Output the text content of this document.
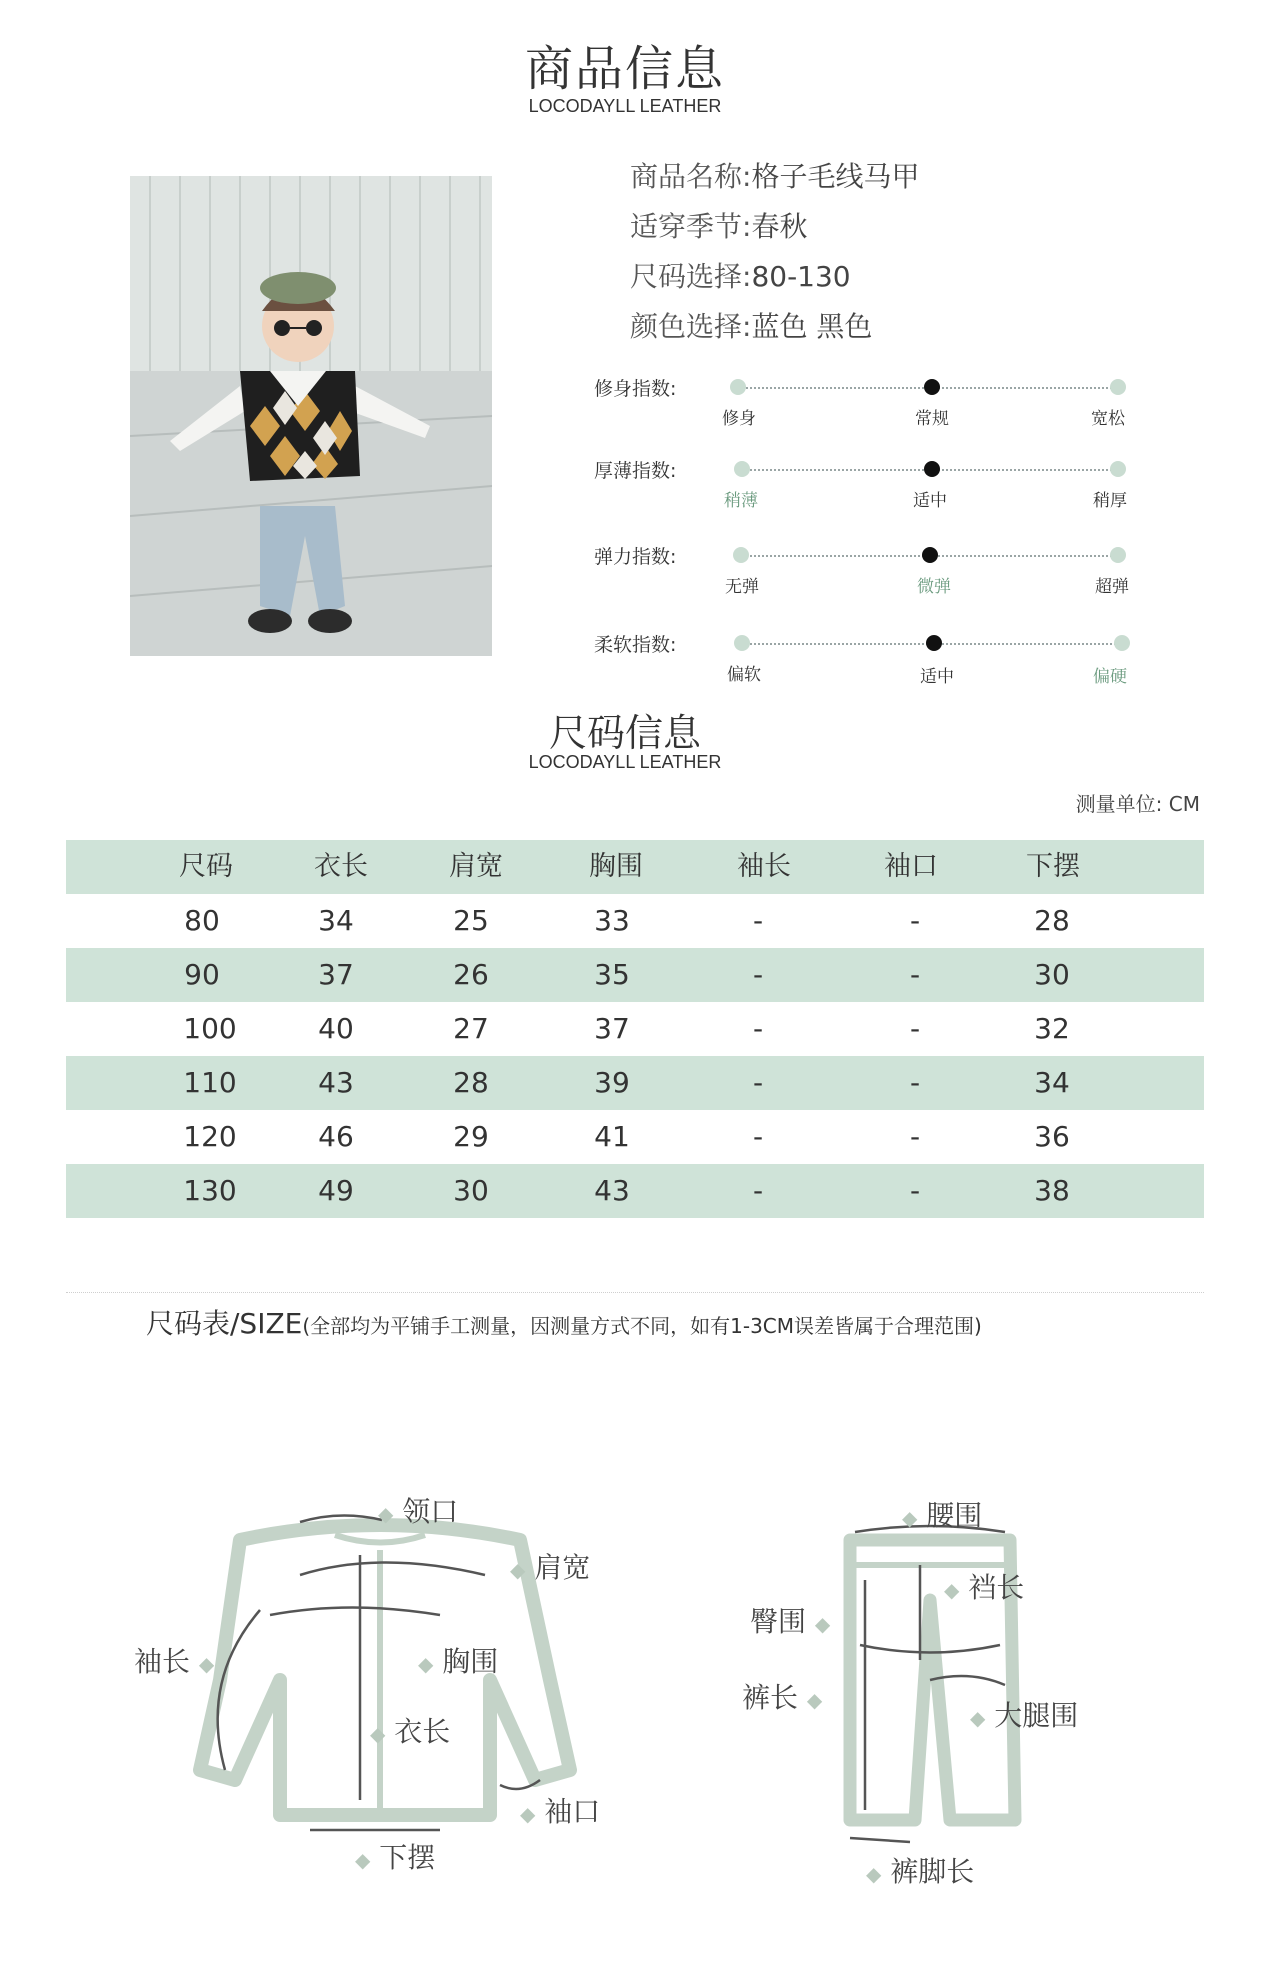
商品信息
LOCODAYLL LEATHER
商品名称:格子毛线马甲
适穿季节:春秋
尺码选择:80-130
颜色选择:蓝色 黑色
修身指数:
修身	常规	宽松
厚薄指数:
稍薄	适中	稍厚
弹力指数:
无弹	微弹	超弹
柔软指数:
偏软	适中	偏硬
尺码信息
LOCODAYLL LEATHER
测量单位: CM
尺码	衣长	肩宽	胸围	袖长	袖口	下摆
80	34	25	33	-	-	28
90	37	26	35	-	-	30
100	40	27	37	-	-	32
110	43	28	39	-	-	34
120	46	29	41	-	-	36
130	49	30	43	-	-	38
尺码表/SIZE(全部均为平铺手工测量，因测量方式不同，如有1-3CM误差皆属于合理范围)
◆ 领口
◆ 肩宽
袖长 ◆	◆ 胸围
◆ 衣长
◆ 袖口
◆ 下摆
◆ 腰围
◆ 裆长
臀围 ◆
裤长 ◆
◆ 大腿围
◆ 裤脚长
